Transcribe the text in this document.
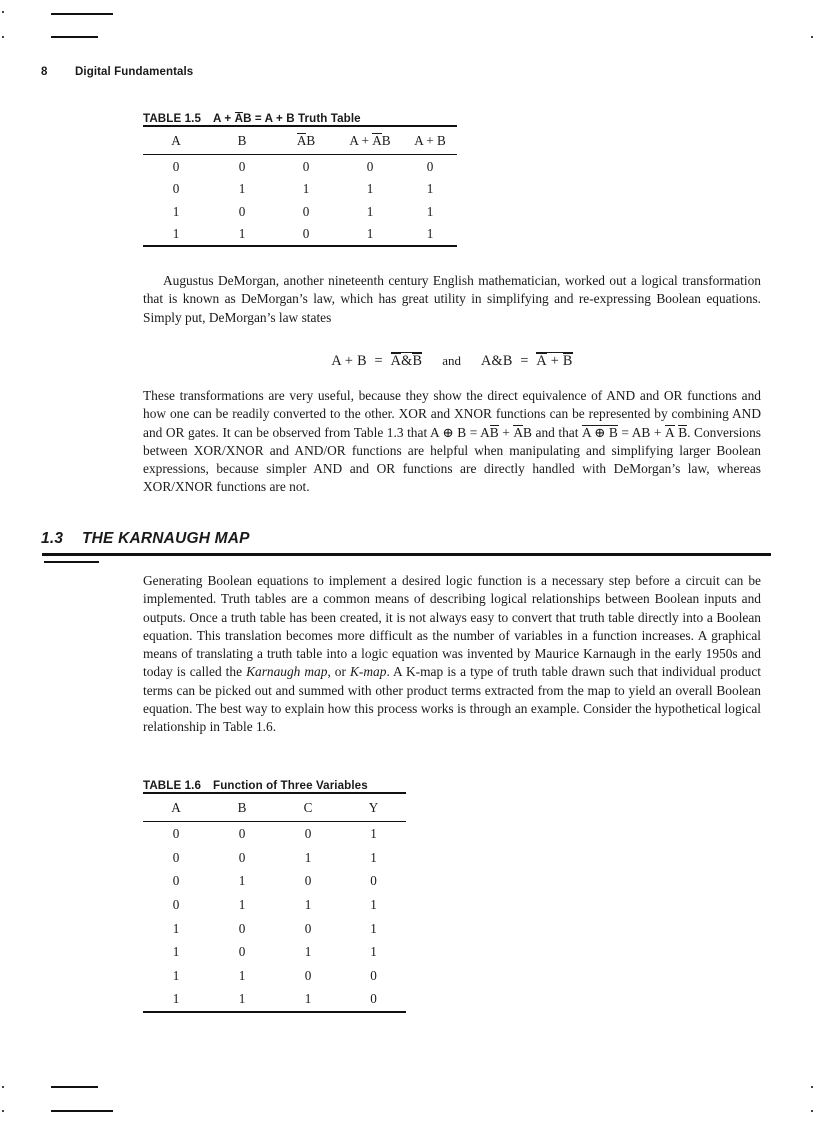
8 Digital Fundamentals
TABLE 1.5 A + AB = A + B Truth Table
A	B	AB	A + AB	A + B
0	0	0	0	0
0	1	1	1	1
1	0	0	1	1
1	1	0	1	1
Augustus DeMorgan, another nineteenth century English mathematician, worked out a logical transformation that is known as DeMorgan’s law, which has great utility in simplifying and re-expressing Boolean equations. Simply put, DeMorgan’s law states
A + B = A&B and A&B = A + B
These transformations are very useful, because they show the direct equivalence of AND and OR functions and how one can be readily converted to the other. XOR and XNOR functions can be represented by combining AND and OR gates. It can be observed from Table 1.3 that A ⊕ B = AB + AB and that A ⊕ B = AB + A B. Conversions between XOR/XNOR and AND/OR functions are helpful when manipulating and simplifying larger Boolean expressions, because simpler AND and OR functions are directly handled with DeMorgan’s law, whereas XOR/XNOR functions are not.
1.3 THE KARNAUGH MAP
Generating Boolean equations to implement a desired logic function is a necessary step before a circuit can be implemented. Truth tables are a common means of describing logical relationships between Boolean inputs and outputs. Once a truth table has been created, it is not always easy to convert that truth table directly into a Boolean equation. This translation becomes more difficult as the number of variables in a function increases. A graphical means of translating a truth table into a logic equation was invented by Maurice Karnaugh in the early 1950s and today is called the Karnaugh map, or K-map. A K-map is a type of truth table drawn such that individual product terms can be picked out and summed with other product terms extracted from the map to yield an overall Boolean equation. The best way to explain how this process works is through an example. Consider the hypothetical logical relationship in Table 1.6.
TABLE 1.6 Function of Three Variables
A	B	C	Y
0	0	0	1
0	0	1	1
0	1	0	0
0	1	1	1
1	0	0	1
1	0	1	1
1	1	0	0
1	1	1	0
